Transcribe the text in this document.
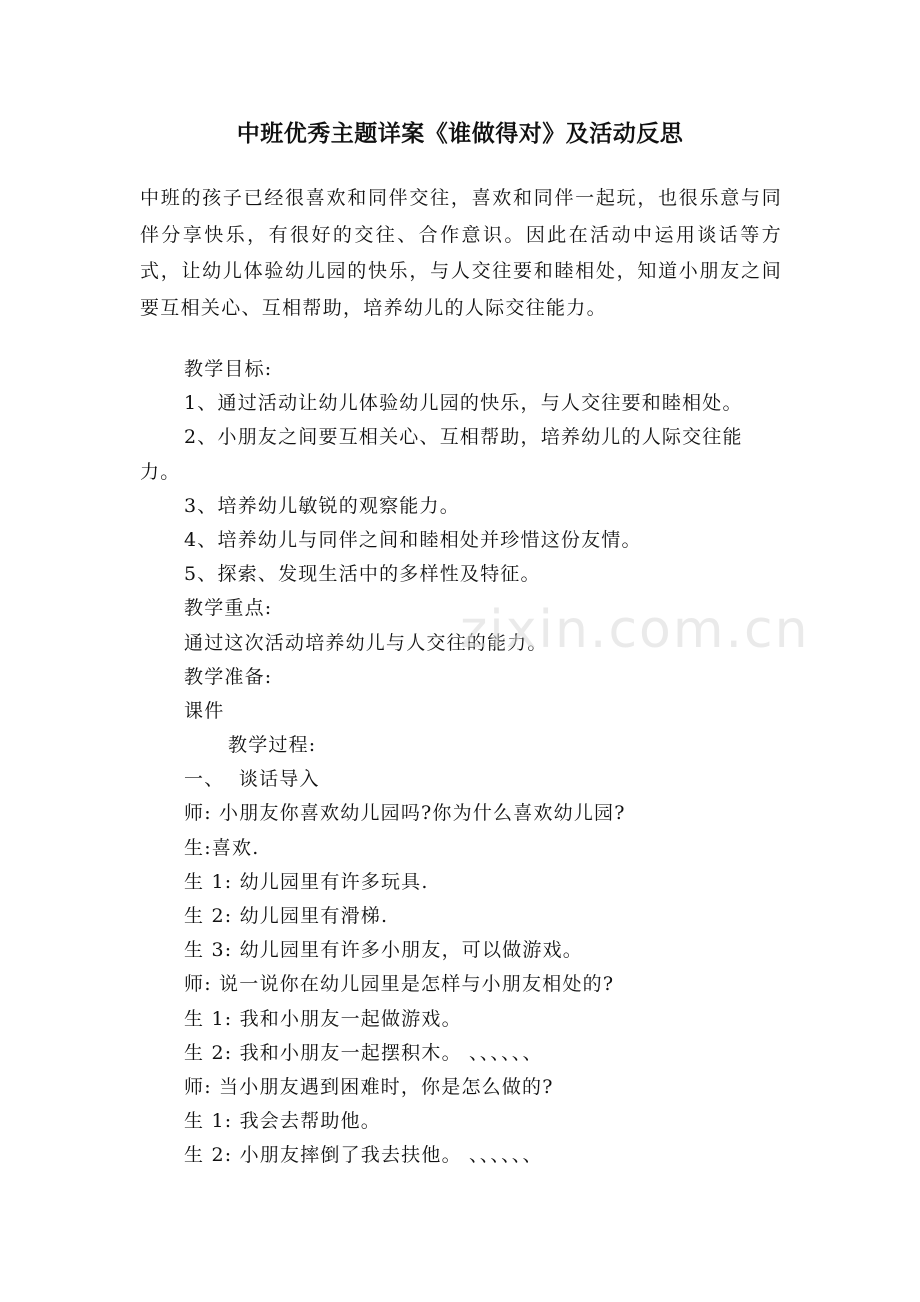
中班优秀主题详案《谁做得对》及活动反思

中班的孩子已经很喜欢和同伴交往，喜欢和同伴一起玩，也很乐意与同伴分享快乐，有很好的交往、合作意识。因此在活动中运用谈话等方式，让幼儿体验幼儿园的快乐，与人交往要和睦相处，知道小朋友之间要互相关心、互相帮助，培养幼儿的人际交往能力。

教学目标:
1、通过活动让幼儿体验幼儿园的快乐，与人交往要和睦相处。
2、小朋友之间要互相关心、互相帮助，培养幼儿的人际交往能
力。
3、培养幼儿敏锐的观察能力。
4、培养幼儿与同伴之间和睦相处并珍惜这份友情。
5、探索、发现生活中的多样性及特征。
教学重点:
通过这次活动培养幼儿与人交往的能力。
教学准备:
课件
教学过程:
一、  谈话导入
师: 小朋友你喜欢幼儿园吗?你为什么喜欢幼儿园?
生:喜欢.
生 1: 幼儿园里有许多玩具.
生 2: 幼儿园里有滑梯.
生 3: 幼儿园里有许多小朋友，可以做游戏。
师: 说一说你在幼儿园里是怎样与小朋友相处的?
生 1: 我和小朋友一起做游戏。
生 2: 我和小朋友一起摆积木。 、、、、、、
师: 当小朋友遇到困难时，你是怎么做的?
生 1: 我会去帮助他。
生 2: 小朋友摔倒了我去扶他。 、、、、、、
zixin.com.cn
